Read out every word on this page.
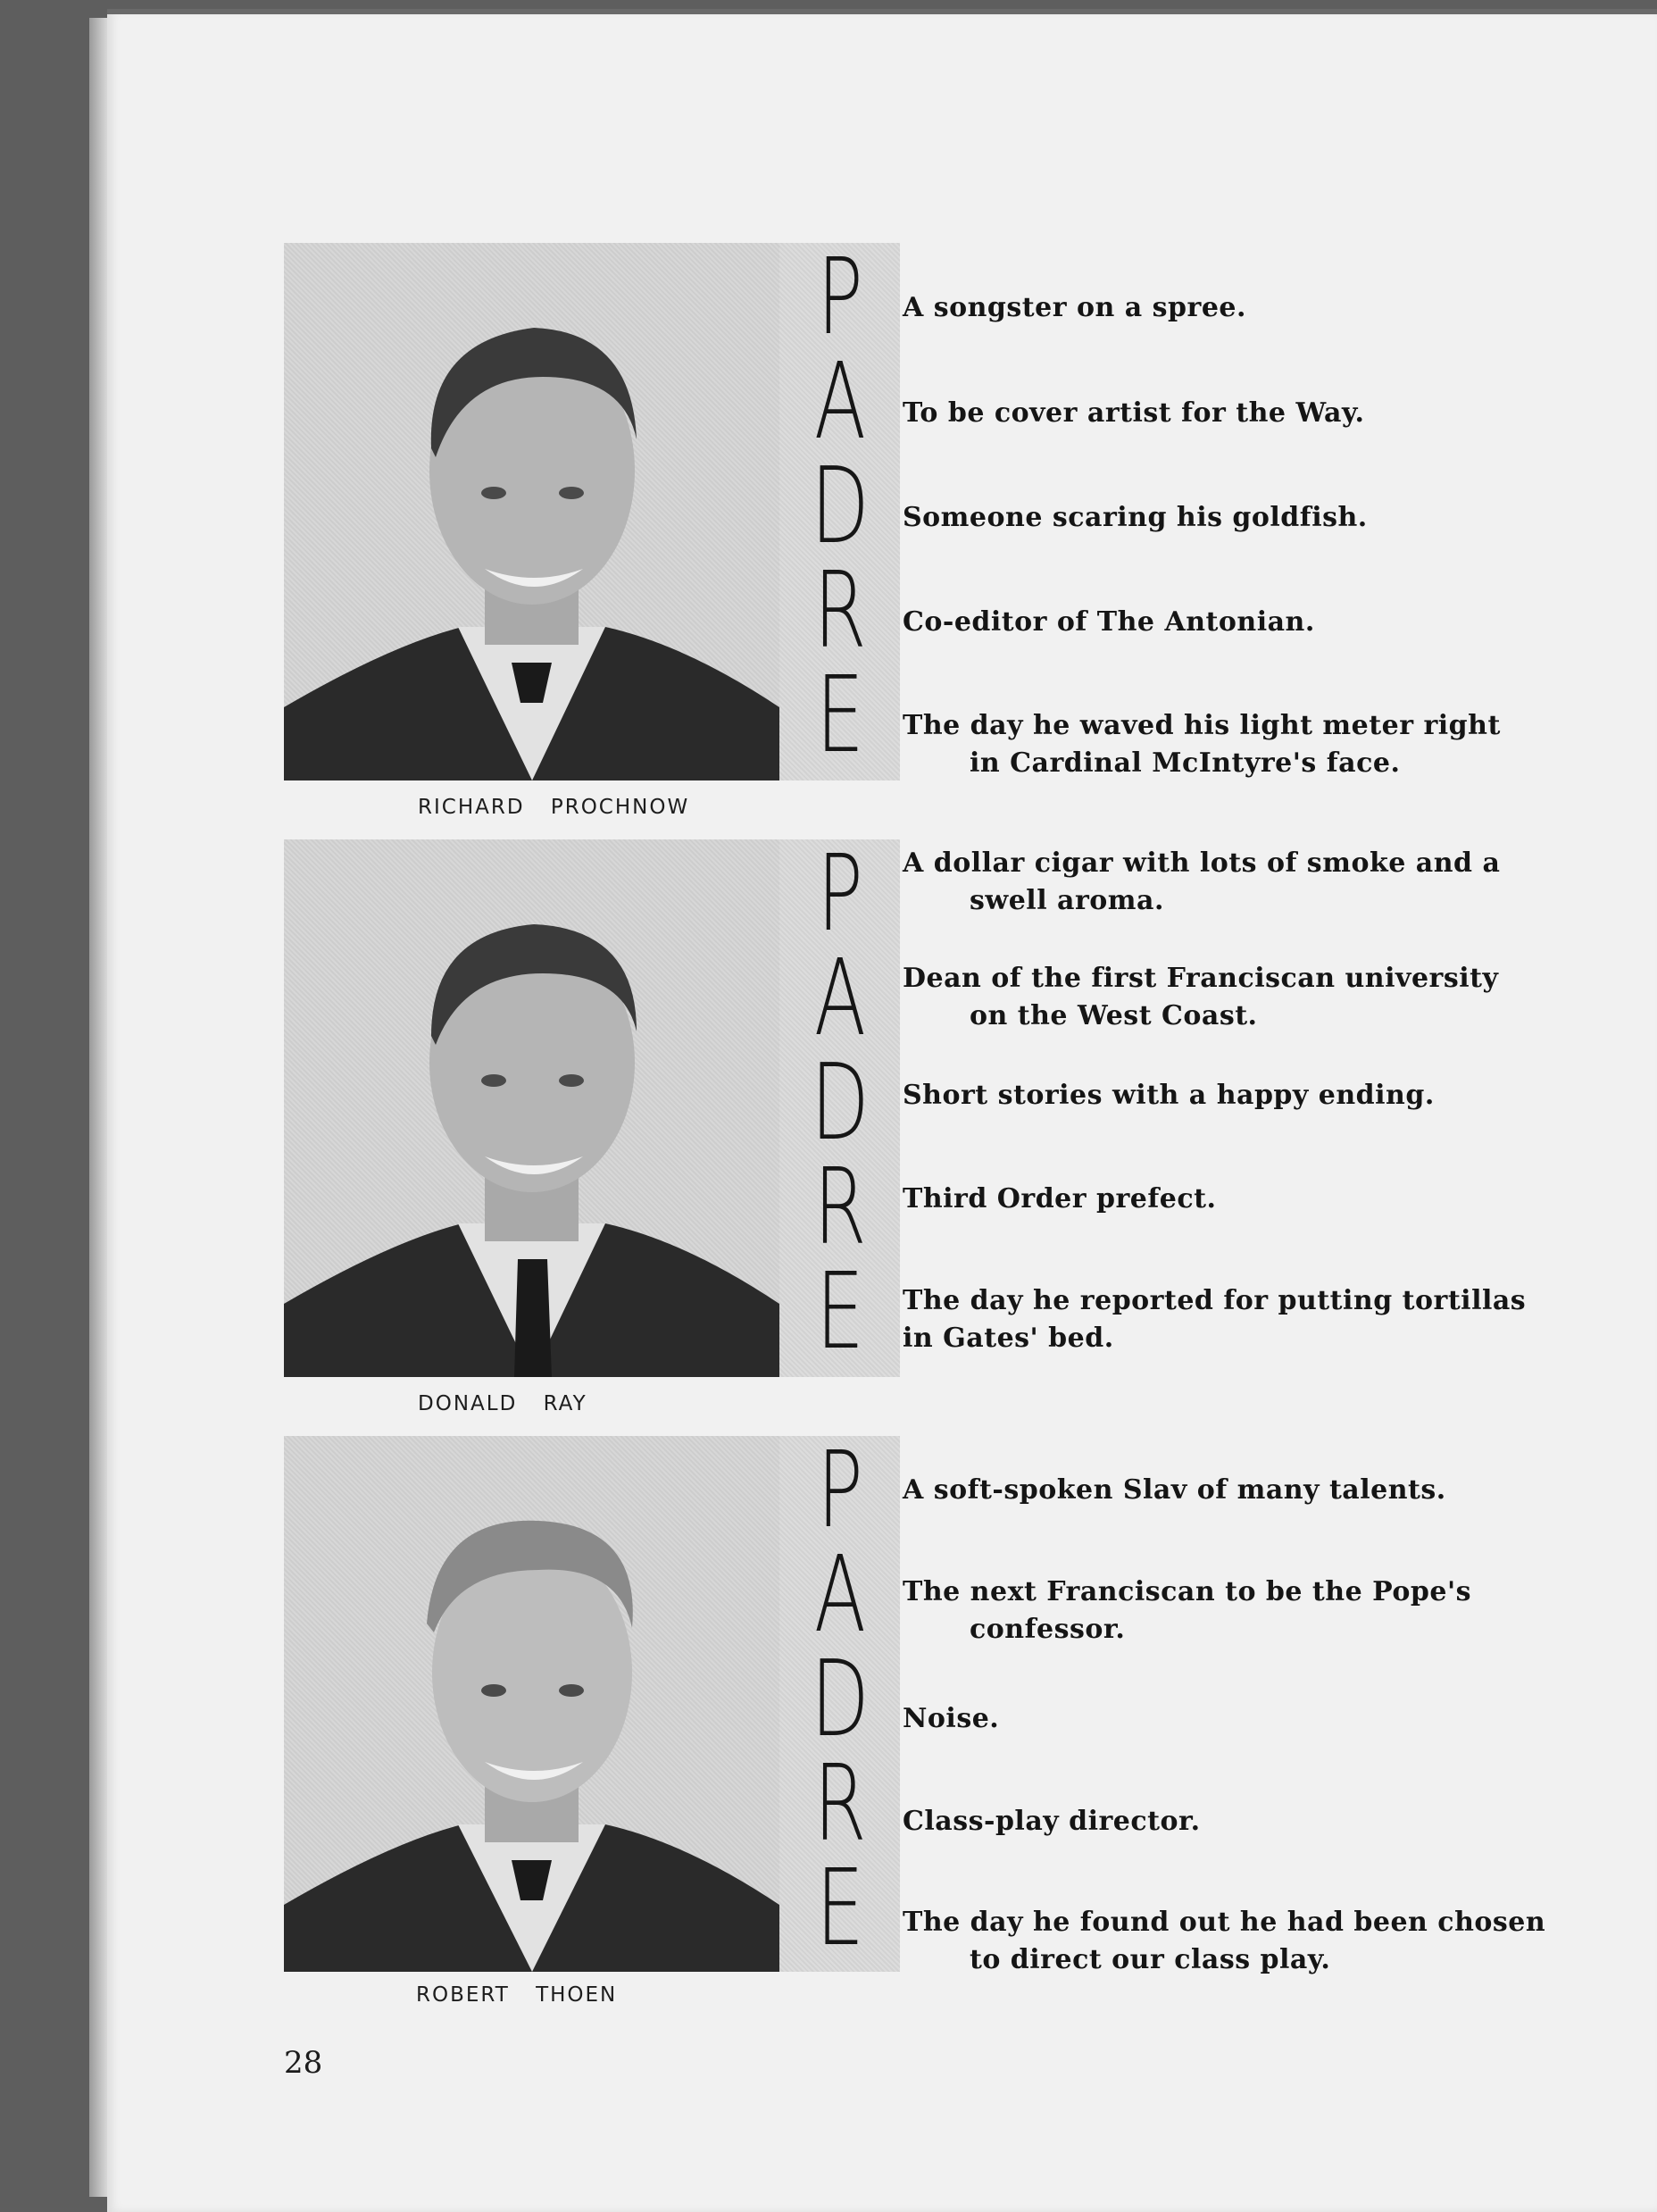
P
A
D
R
E
RICHARD PROCHNOW
A songster on a spree.
To be cover artist for the Way.
Someone scaring his goldfish.
Co-editor of The Antonian.
The day he waved his light meter right
in Cardinal McIntyre's face.
P
A
D
R
E
DONALD RAY
A dollar cigar with lots of smoke and a
swell aroma.
Dean of the first Franciscan university
on the West Coast.
Short stories with a happy ending.
Third Order prefect.
The day he reported for putting tortillas
in Gates' bed.
P
A
D
R
E
ROBERT THOEN
A soft-spoken Slav of many talents.
The next Franciscan to be the Pope's
confessor.
Noise.
Class-play director.
The day he found out he had been chosen
to direct our class play.
28
